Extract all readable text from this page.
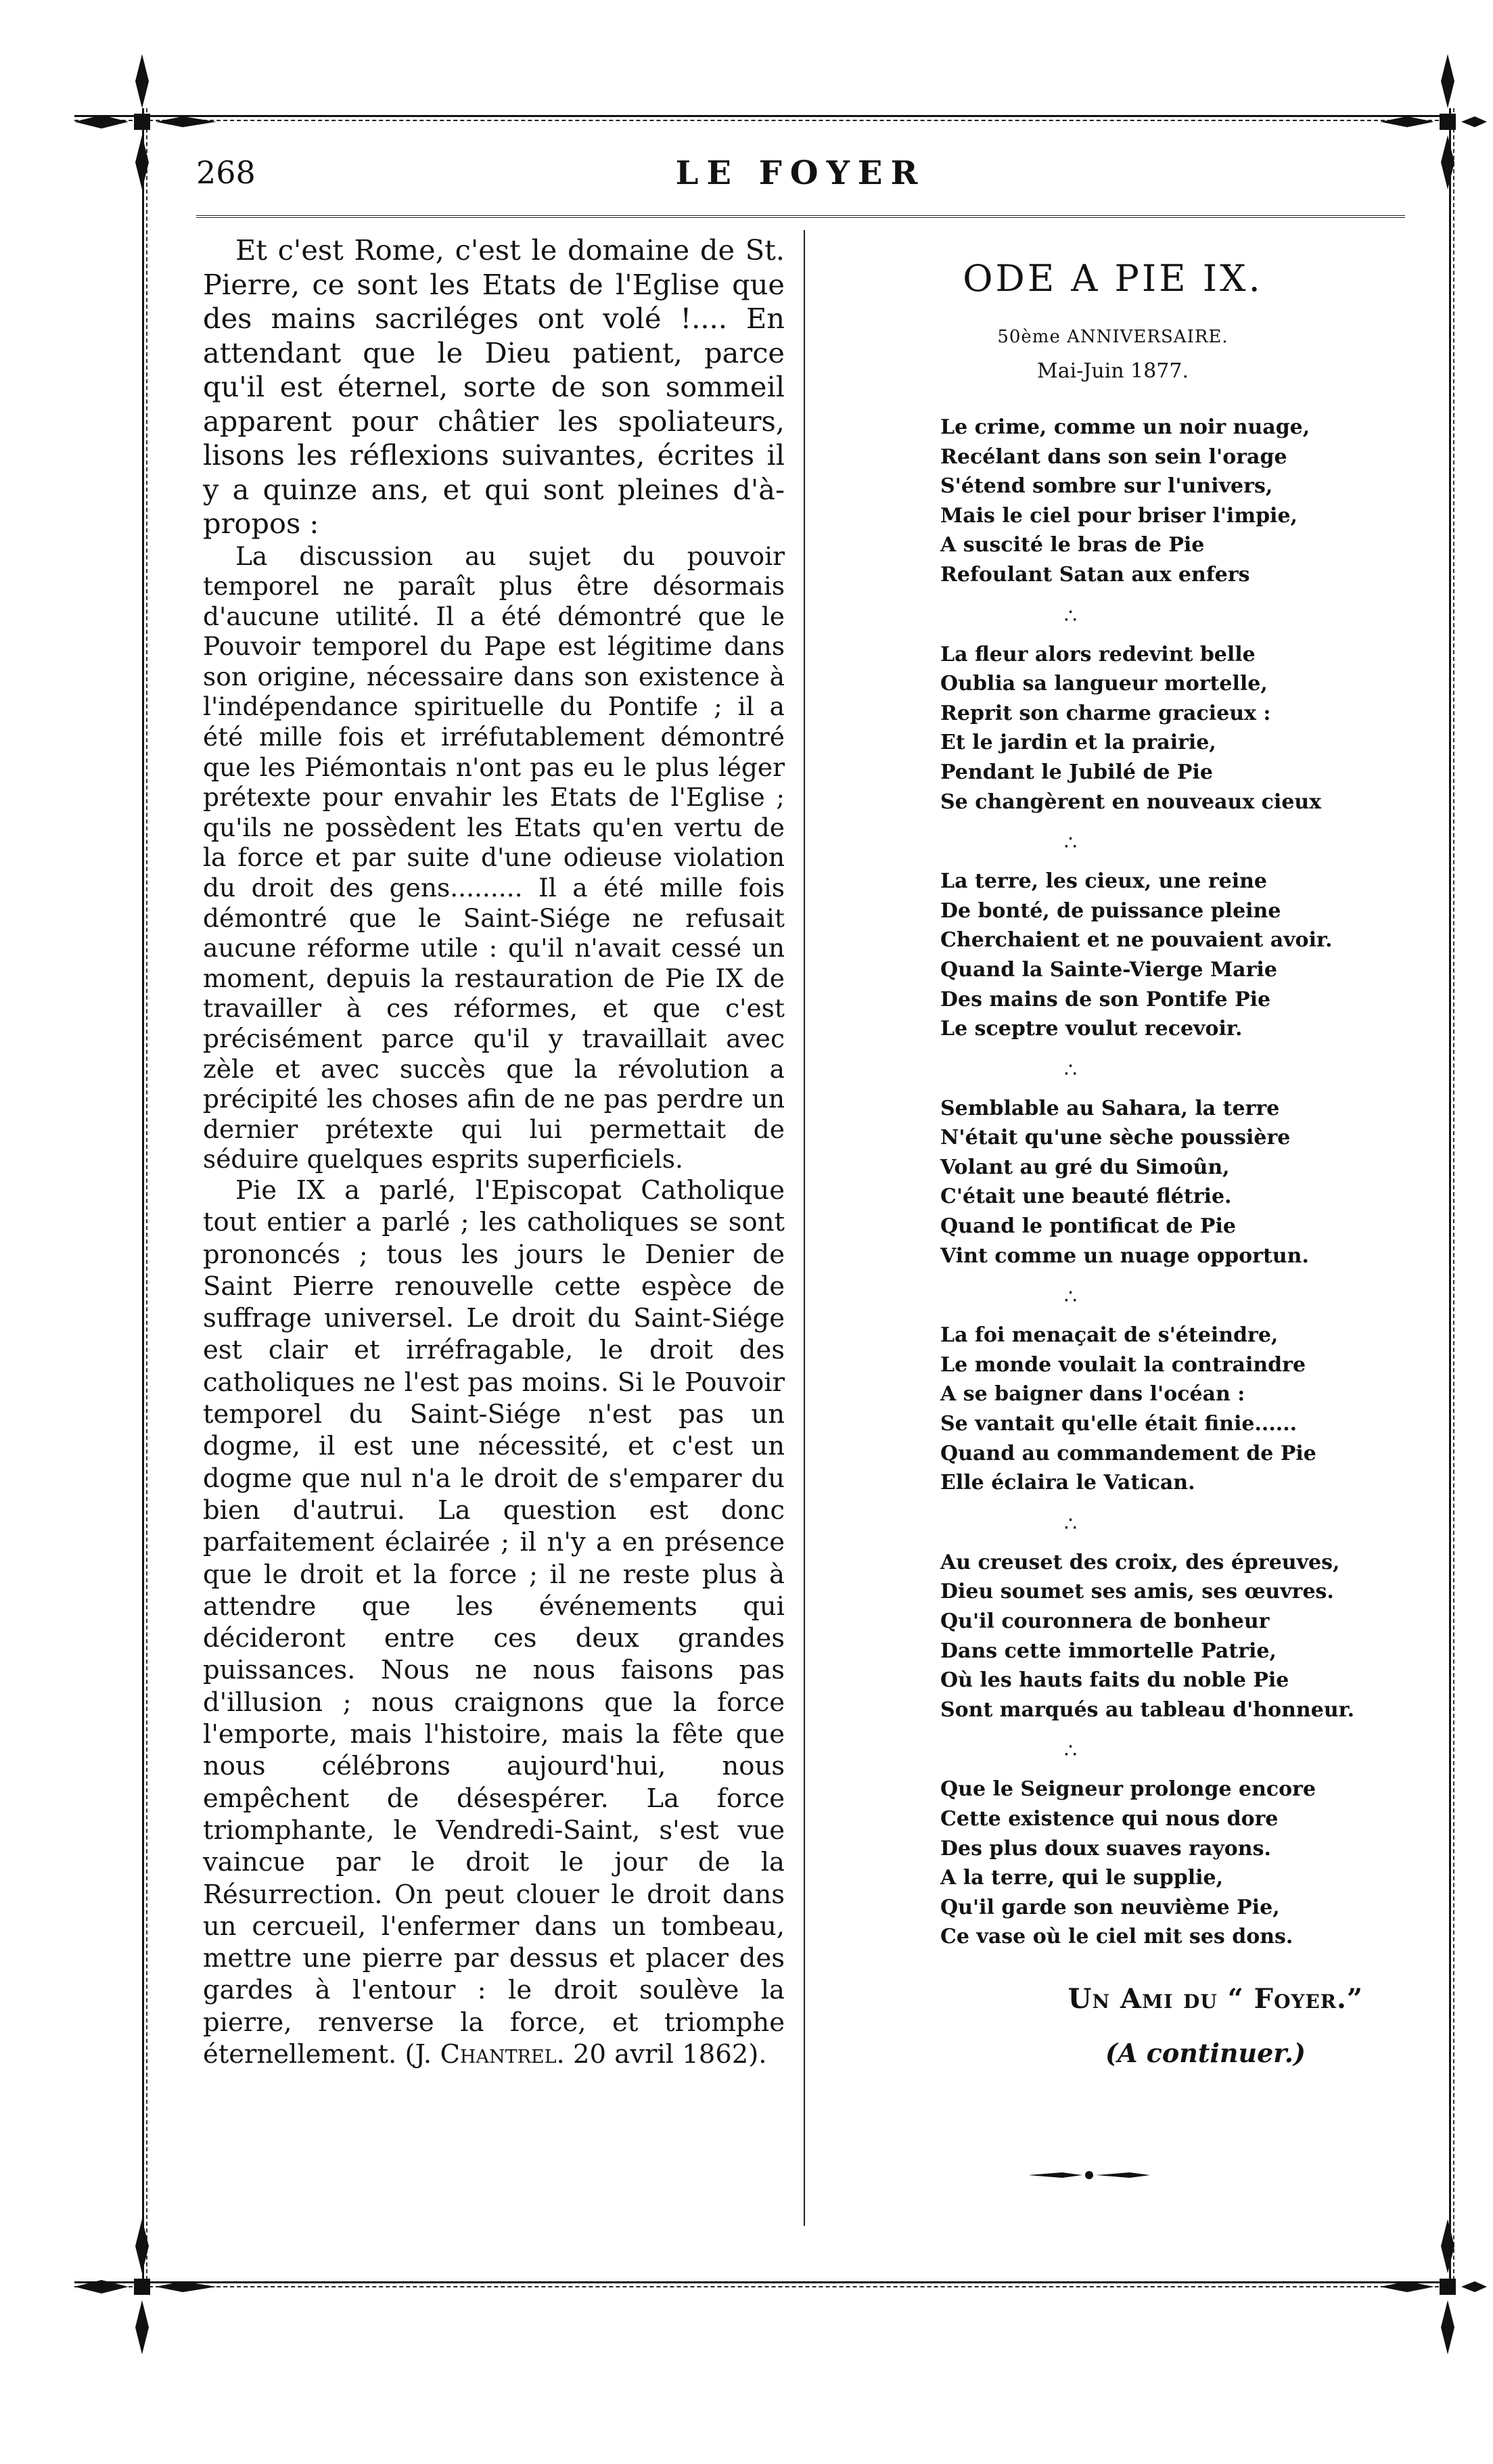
268	LE FOYER

Et c'est Rome, c'est le domaine de St. Pierre, ce sont les Etats de l'Eglise que des mains sacriléges ont volé !.... En attendant que le Dieu patient, parce qu'il est éternel, sorte de son sommeil apparent pour châtier les spoliateurs, lisons les réflexions suivantes, écrites il y a quinze ans, et qui sont pleines d'à-propos :

La discussion au sujet du pouvoir temporel ne paraît plus être désormais d'aucune utilité. Il a été démontré que le Pouvoir temporel du Pape est légitime dans son origine, nécessaire dans son existence à l'indépendance spirituelle du Pontife ; il a été mille fois et irréfutablement démontré que les Piémontais n'ont pas eu le plus léger prétexte pour envahir les Etats de l'Eglise ; qu'ils ne possèdent les Etats qu'en vertu de la force et par suite d'une odieuse violation du droit des gens......... Il a été mille fois démontré que le Saint-Siége ne refusait aucune réforme utile : qu'il n'avait cessé un moment, depuis la restauration de Pie IX de travailler à ces réformes, et que c'est précisément parce qu'il y travaillait avec zèle et avec succès que la révolution a précipité les choses afin de ne pas perdre un dernier prétexte qui lui permettait de séduire quelques esprits superficiels.

Pie IX a parlé, l'Episcopat Catholique tout entier a parlé ; les catholiques se sont prononcés ; tous les jours le Denier de Saint Pierre renouvelle cette espèce de suffrage universel. Le droit du Saint-Siége est clair et irréfragable, le droit des catholiques ne l'est pas moins. Si le Pouvoir temporel du Saint-Siége n'est pas un dogme, il est une nécessité, et c'est un dogme que nul n'a le droit de s'emparer du bien d'autrui. La question est donc parfaitement éclairée ; il n'y a en présence que le droit et la force ; il ne reste plus à attendre que les événements qui décideront entre ces deux grandes puissances. Nous ne nous faisons pas d'illusion ; nous craignons que la force l'emporte, mais l'histoire, mais la fête que nous célébrons aujourd'hui, nous empêchent de désespérer. La force triomphante, le Vendredi-Saint, s'est vue vaincue par le droit le jour de la Résurrection. On peut clouer le droit dans un cercueil, l'enfermer dans un tombeau, mettre une pierre par dessus et placer des gardes à l'entour : le droit soulève la pierre, renverse la force, et triomphe éternellement. (J. Chantrel. 20 avril 1862).

ODE A PIE IX.
50ème ANNIVERSAIRE.
Mai-Juin 1877.

Le crime, comme un noir nuage,

Recélant dans son sein l'orage

S'étend sombre sur l'univers,

Mais le ciel pour briser l'impie,

A suscité le bras de Pie

Refoulant Satan aux enfers

∴

La fleur alors redevint belle

Oublia sa langueur mortelle,

Reprit son charme gracieux :

Et le jardin et la prairie,

Pendant le Jubilé de Pie

Se changèrent en nouveaux cieux

∴

La terre, les cieux, une reine

De bonté, de puissance pleine

Cherchaient et ne pouvaient avoir.

Quand la Sainte-Vierge Marie

Des mains de son Pontife Pie

Le sceptre voulut recevoir.

∴

Semblable au Sahara, la terre

N'était qu'une sèche poussière

Volant au gré du Simoûn,

C'était une beauté flétrie.

Quand le pontificat de Pie

Vint comme un nuage opportun.

∴

La foi menaçait de s'éteindre,

Le monde voulait la contraindre

A se baigner dans l'océan :

Se vantait qu'elle était finie......

Quand au commandement de Pie

Elle éclaira le Vatican.

∴

Au creuset des croix, des épreuves,

Dieu soumet ses amis, ses œuvres.

Qu'il couronnera de bonheur

Dans cette immortelle Patrie,

Où les hauts faits du noble Pie

Sont marqués au tableau d'honneur.

∴

Que le Seigneur prolonge encore

Cette existence qui nous dore

Des plus doux suaves rayons.

A la terre, qui le supplie,

Qu'il garde son neuvième Pie,

Ce vase où le ciel mit ses dons.

Un Ami du “ Foyer.”
(A continuer.)
